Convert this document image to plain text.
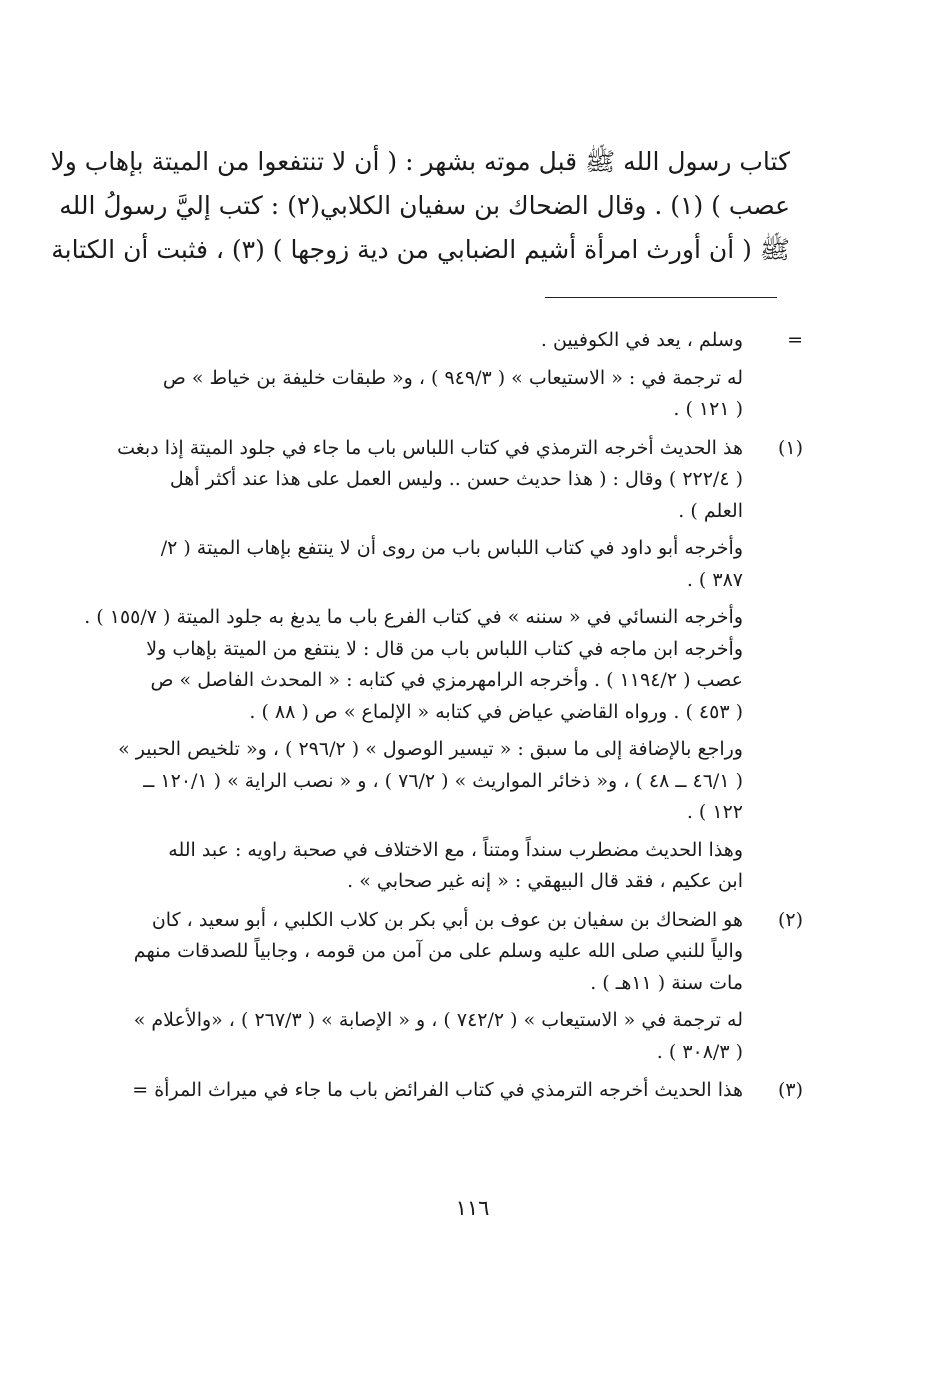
كتاب رسول الله ﷺ قبل موته بشهر : ( أن لا تنتفعوا من الميتة بإهاب ولا
عصب ) (١) . وقال الضحاك بن سفيان الكلابي(٢) : كتب إليَّ رسولُ الله
ﷺ ( أن أورث امرأة أشيم الضبابي من دية زوجها ) (٣) ، فثبت أن الكتابة
=

وسلم ، يعد في الكوفيين .

له ترجمة في : « الاستيعاب » ( ٩٤٩/٣ ) ، و« طبقات خليفة بن خياط » ص
( ١٢١ ) .

(١)

هذ الحديث أخرجه الترمذي في كتاب اللباس باب ما جاء في جلود الميتة إذا دبغت
( ٢٢٢/٤ ) وقال : ( هذا حديث حسن .. وليس العمل على هذا عند أكثر أهل
العلم ) .

وأخرجه أبو داود في كتاب اللباس باب من روى أن لا ينتفع بإهاب الميتة ( ٢/
٣٨٧ ) .

وأخرجه النسائي في « سننه » في كتاب الفرع باب ما يدبغ به جلود الميتة ( ١٥٥/٧ ) .
وأخرجه ابن ماجه في كتاب اللباس باب من قال : لا ينتفع من الميتة بإهاب ولا
عصب ( ١١٩٤/٢ ) . وأخرجه الرامهرمزي في كتابه : « المحدث الفاصل » ص
( ٤٥٣ ) . ورواه القاضي عياض في كتابه « الإلماع » ص ( ٨٨ ) .

وراجع بالإضافة إلى ما سبق : « تيسير الوصول » ( ٢٩٦/٢ ) ، و« تلخيص الحبير »
( ٤٦/١ ــ ٤٨ ) ، و« ذخائر المواريث » ( ٧٦/٢ ) ، و « نصب الراية » ( ١٢٠/١ ــ
١٢٢ ) .

وهذا الحديث مضطرب سنداً ومتناً ، مع الاختلاف في صحبة راويه : عبد الله
ابن عكيم ، فقد قال البيهقي : « إنه غير صحابي » .

(٢)

هو الضحاك بن سفيان بن عوف بن أبي بكر بن كلاب الكلبي ، أبو سعيد ، كان
والياً للنبي صلى الله عليه وسلم على من آمن من قومه ، وجابياً للصدقات منهم
مات سنة ( ١١هـ ) .

له ترجمة في « الاستيعاب » ( ٧٤٢/٢ ) ، و « الإصابة » ( ٢٦٧/٣ ) ، «والأعلام »
( ٣٠٨/٣ ) .

(٣)

هذا الحديث أخرجه الترمذي في كتاب الفرائض باب ما جاء في ميراث المرأة =

١١٦
